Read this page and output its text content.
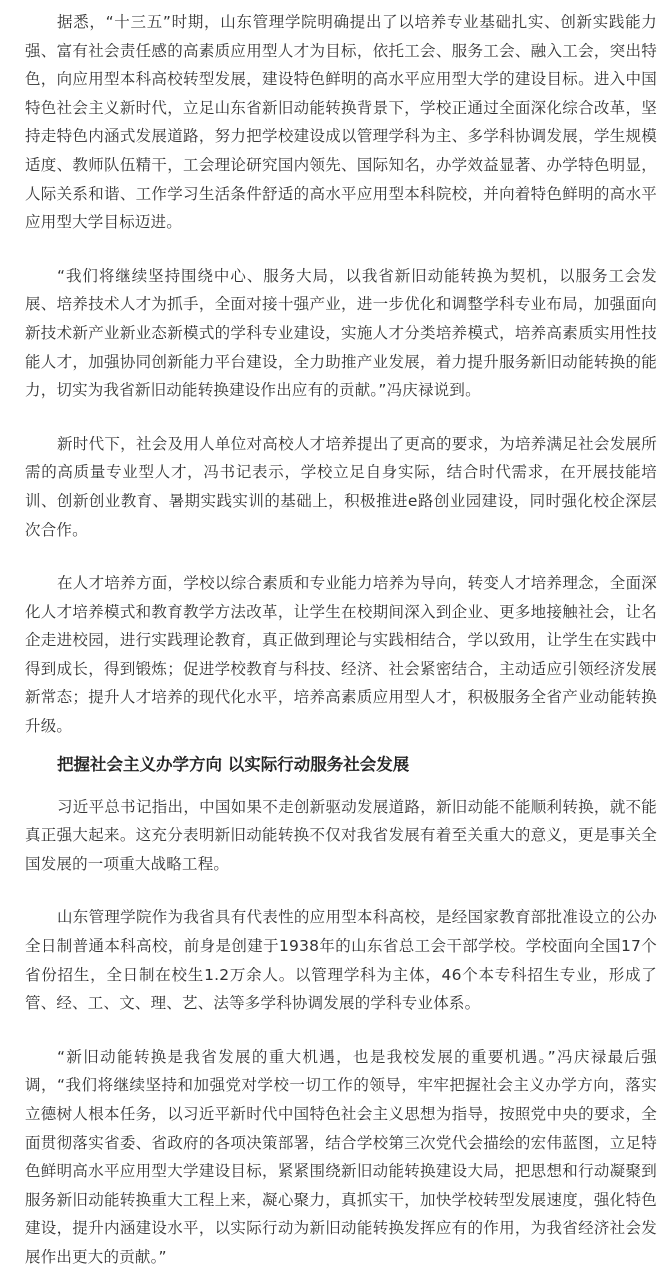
据悉，“十三五”时期，山东管理学院明确提出了以培养专业基础扎实、创新实践能力强、富有社会责任感的高素质应用型人才为目标，依托工会、服务工会、融入工会，突出特色，向应用型本科高校转型发展，建设特色鲜明的高水平应用型大学的建设目标。进入中国特色社会主义新时代，立足山东省新旧动能转换背景下，学校正通过全面深化综合改革，坚持走特色内涵式发展道路，努力把学校建设成以管理学科为主、多学科协调发展，学生规模适度、教师队伍精干，工会理论研究国内领先、国际知名，办学效益显著、办学特色明显，人际关系和谐、工作学习生活条件舒适的高水平应用型本科院校，并向着特色鲜明的高水平应用型大学目标迈进。

“我们将继续坚持围绕中心、服务大局，以我省新旧动能转换为契机，以服务工会发展、培养技术人才为抓手，全面对接十强产业，进一步优化和调整学科专业布局，加强面向新技术新产业新业态新模式的学科专业建设，实施人才分类培养模式，培养高素质实用性技能人才，加强协同创新能力平台建设，全力助推产业发展，着力提升服务新旧动能转换的能力，切实为我省新旧动能转换建设作出应有的贡献。”冯庆禄说到。

新时代下，社会及用人单位对高校人才培养提出了更高的要求，为培养满足社会发展所需的高质量专业型人才，冯书记表示，学校立足自身实际，结合时代需求，在开展技能培训、创新创业教育、暑期实践实训的基础上，积极推进e路创业园建设，同时强化校企深层次合作。

在人才培养方面，学校以综合素质和专业能力培养为导向，转变人才培养理念，全面深化人才培养模式和教育教学方法改革，让学生在校期间深入到企业、更多地接触社会，让名企走进校园，进行实践理论教育，真正做到理论与实践相结合，学以致用，让学生在实践中得到成长，得到锻炼；促进学校教育与科技、经济、社会紧密结合，主动适应引领经济发展新常态；提升人才培养的现代化水平，培养高素质应用型人才，积极服务全省产业动能转换升级。

把握社会主义办学方向 以实际行动服务社会发展

习近平总书记指出，中国如果不走创新驱动发展道路，新旧动能不能顺利转换，就不能真正强大起来。这充分表明新旧动能转换不仅对我省发展有着至关重大的意义，更是事关全国发展的一项重大战略工程。

山东管理学院作为我省具有代表性的应用型本科高校，是经国家教育部批准设立的公办全日制普通本科高校，前身是创建于1938年的山东省总工会干部学校。学校面向全国17个省份招生，全日制在校生1.2万余人。以管理学科为主体，46个本专科招生专业，形成了管、经、工、文、理、艺、法等多学科协调发展的学科专业体系。

“新旧动能转换是我省发展的重大机遇，也是我校发展的重要机遇。”冯庆禄最后强调，“我们将继续坚持和加强党对学校一切工作的领导，牢牢把握社会主义办学方向，落实立德树人根本任务，以习近平新时代中国特色社会主义思想为指导，按照党中央的要求，全面贯彻落实省委、省政府的各项决策部署，结合学校第三次党代会描绘的宏伟蓝图，立足特色鲜明高水平应用型大学建设目标，紧紧围绕新旧动能转换建设大局，把思想和行动凝聚到服务新旧动能转换重大工程上来，凝心聚力，真抓实干，加快学校转型发展速度，强化特色建设，提升内涵建设水平，以实际行动为新旧动能转换发挥应有的作用，为我省经济社会发展作出更大的贡献。”
